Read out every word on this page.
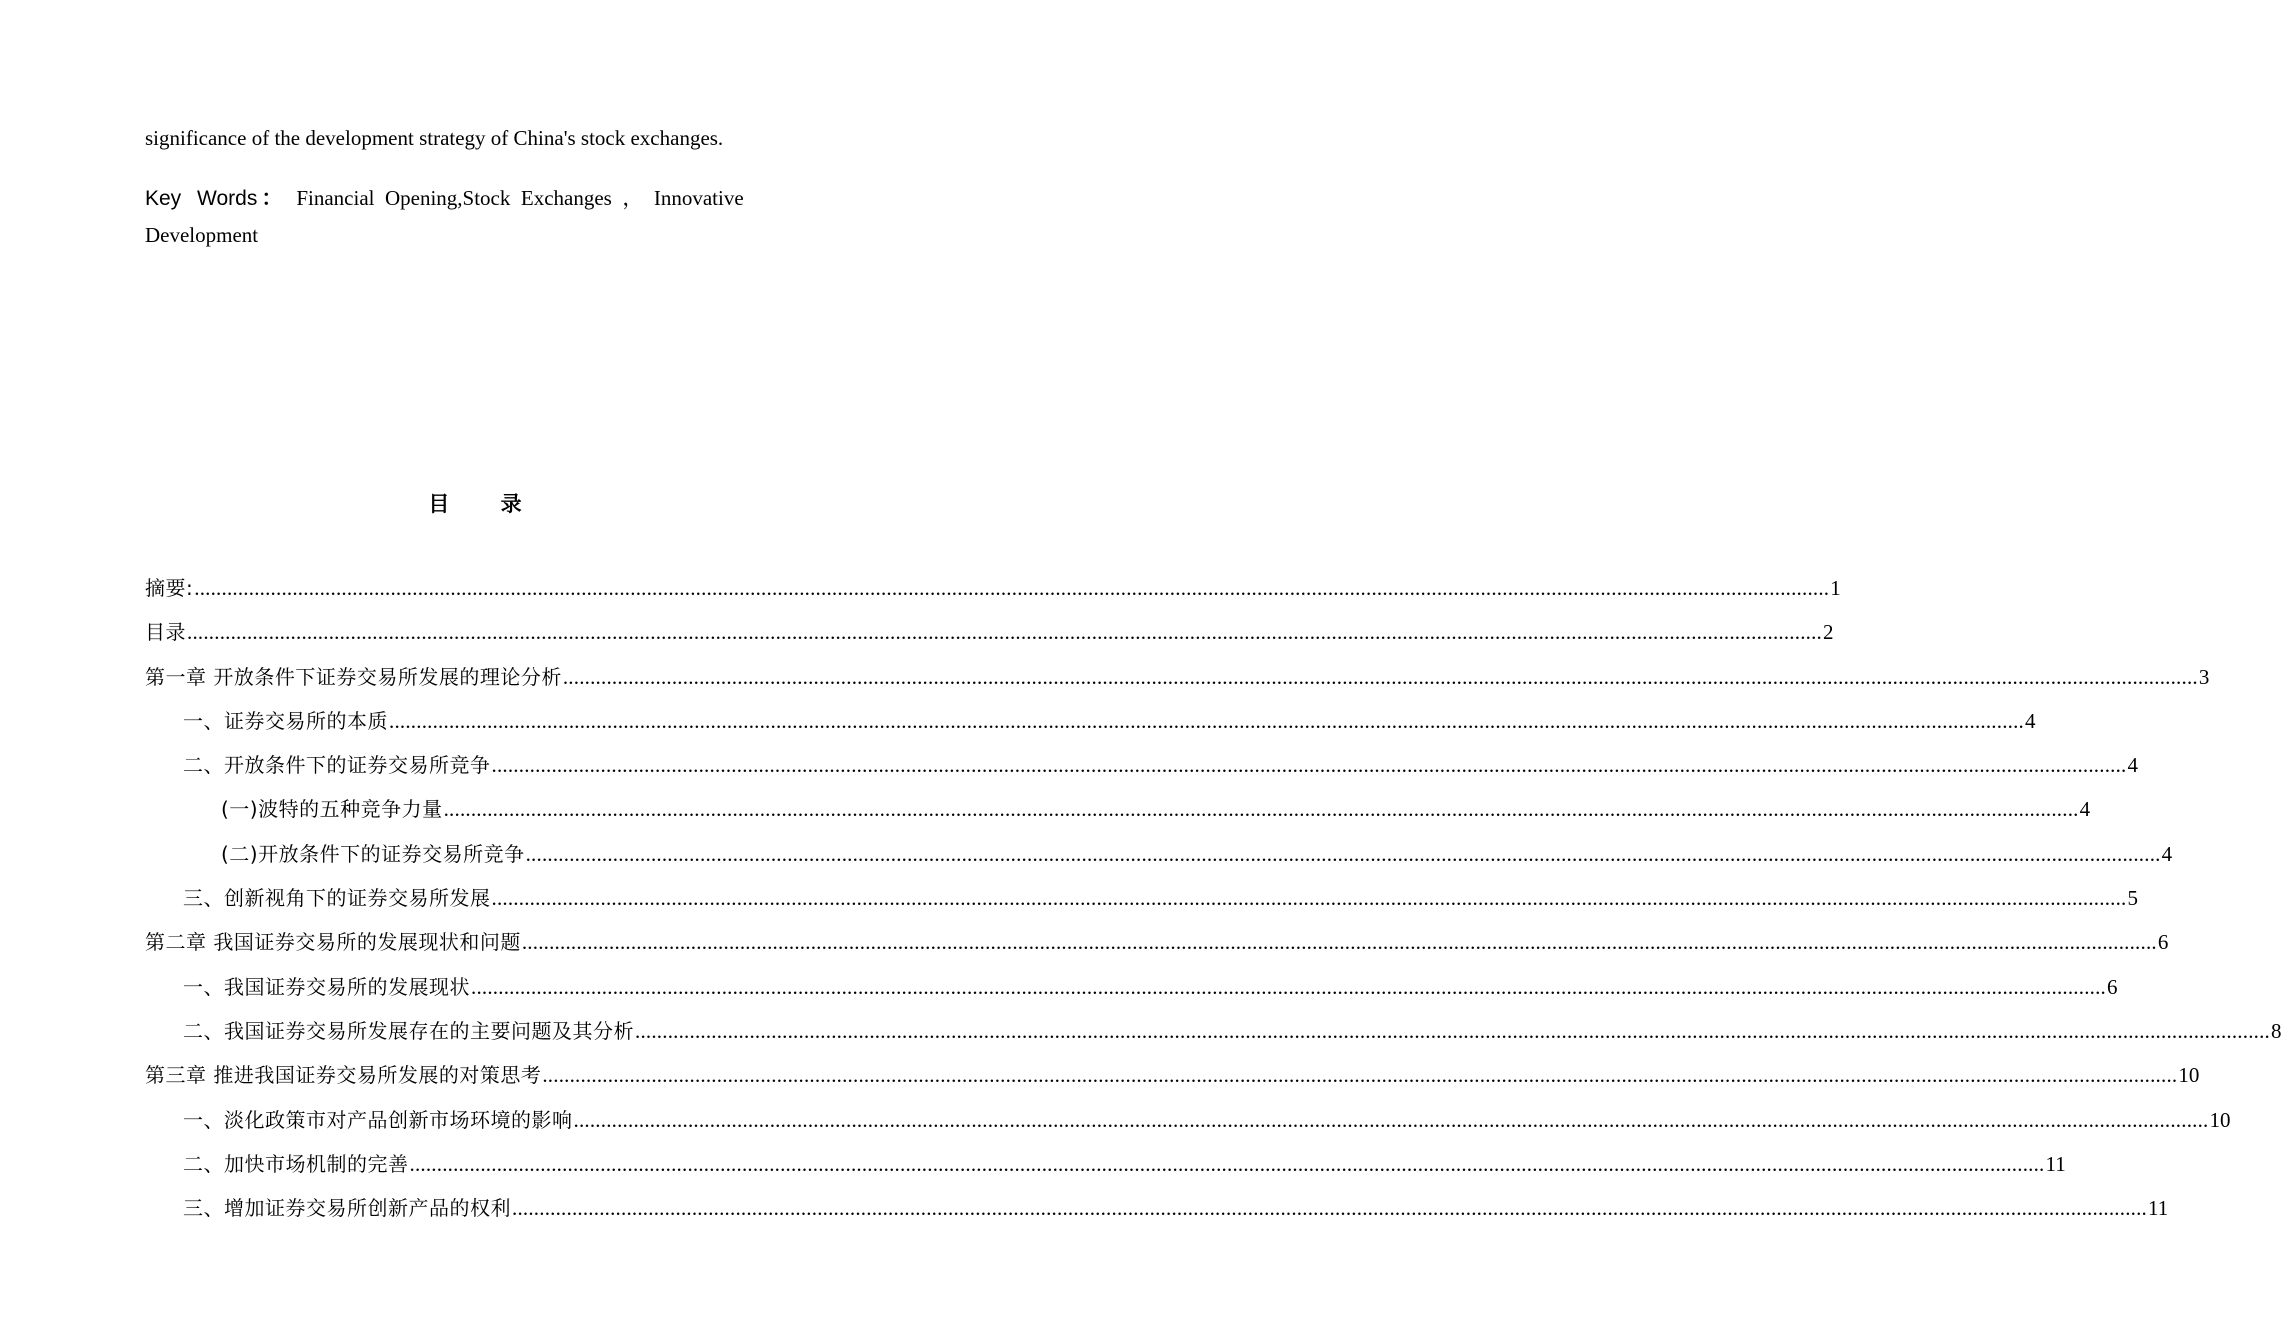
significance of the development strategy of China's stock exchanges.
Key Words ： Financial  Opening,Stock  Exchanges  ，  Innovative
Development
目 录
摘要: ............................................................................................................................................................................................................................................................................................................ 1
目录 ............................................................................................................................................................................................................................................................................................................ 2
第一章 开放条件下证券交易所发展的理论分析 ............................................................................................................................................................................................................................................................................................................ 3
一、证券交易所的本质 ............................................................................................................................................................................................................................................................................................................ 4
二、开放条件下的证券交易所竞争 ............................................................................................................................................................................................................................................................................................................ 4
(一)波特的五种竞争力量 ............................................................................................................................................................................................................................................................................................................ 4
(二)开放条件下的证券交易所竞争 ............................................................................................................................................................................................................................................................................................................ 4
三、创新视角下的证券交易所发展 ............................................................................................................................................................................................................................................................................................................ 5
第二章 我国证券交易所的发展现状和问题 ............................................................................................................................................................................................................................................................................................................ 6
一、我国证券交易所的发展现状 ............................................................................................................................................................................................................................................................................................................ 6
二、我国证券交易所发展存在的主要问题及其分析 ............................................................................................................................................................................................................................................................................................................ 8
第三章 推进我国证券交易所发展的对策思考 ............................................................................................................................................................................................................................................................................................................ 10
一、淡化政策市对产品创新市场环境的影响 ............................................................................................................................................................................................................................................................................................................ 10
二、加快市场机制的完善 ............................................................................................................................................................................................................................................................................................................ 11
三、增加证券交易所创新产品的权利 ............................................................................................................................................................................................................................................................................................................ 11
